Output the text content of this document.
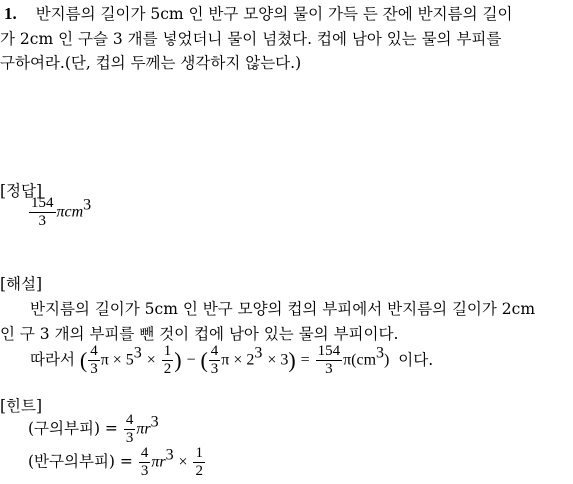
1. 반지름의 길이가 5cm 인 반구 모양의 물이 가득 든 잔에 반지름의 길이
가 2cm 인 구슬 3 개를 넣었더니 물이 넘쳤다. 컵에 남아 있는 물의 부피를
구하여라.(단, 컵의 두께는 생각하지 않는다.)
[정답]
$\frac{154}{3} \pi cm^3$
[해설]
반지름의 길이가 5cm 인 반구 모양의 컵의 부피에서 반지름의 길이가 2cm
인 구 3 개의 부피를 뺀 것이 컵에 남아 있는 물의 부피이다.
따라서 ( $\frac{4}{3}$ $\pi \times 5^3 \times \frac{1}{2}$ ) − ( $\frac{4}{3}$ $\pi \times 2^3 \times 3) = \frac{154}{3} \pi(cm^3)$ 이다.
[힌트]
(구의부피) = $\frac{4}{3} \pi r^3$
(반구의부피) = $\frac{4}{3} \pi r^3 \times \frac{1}{2}$
